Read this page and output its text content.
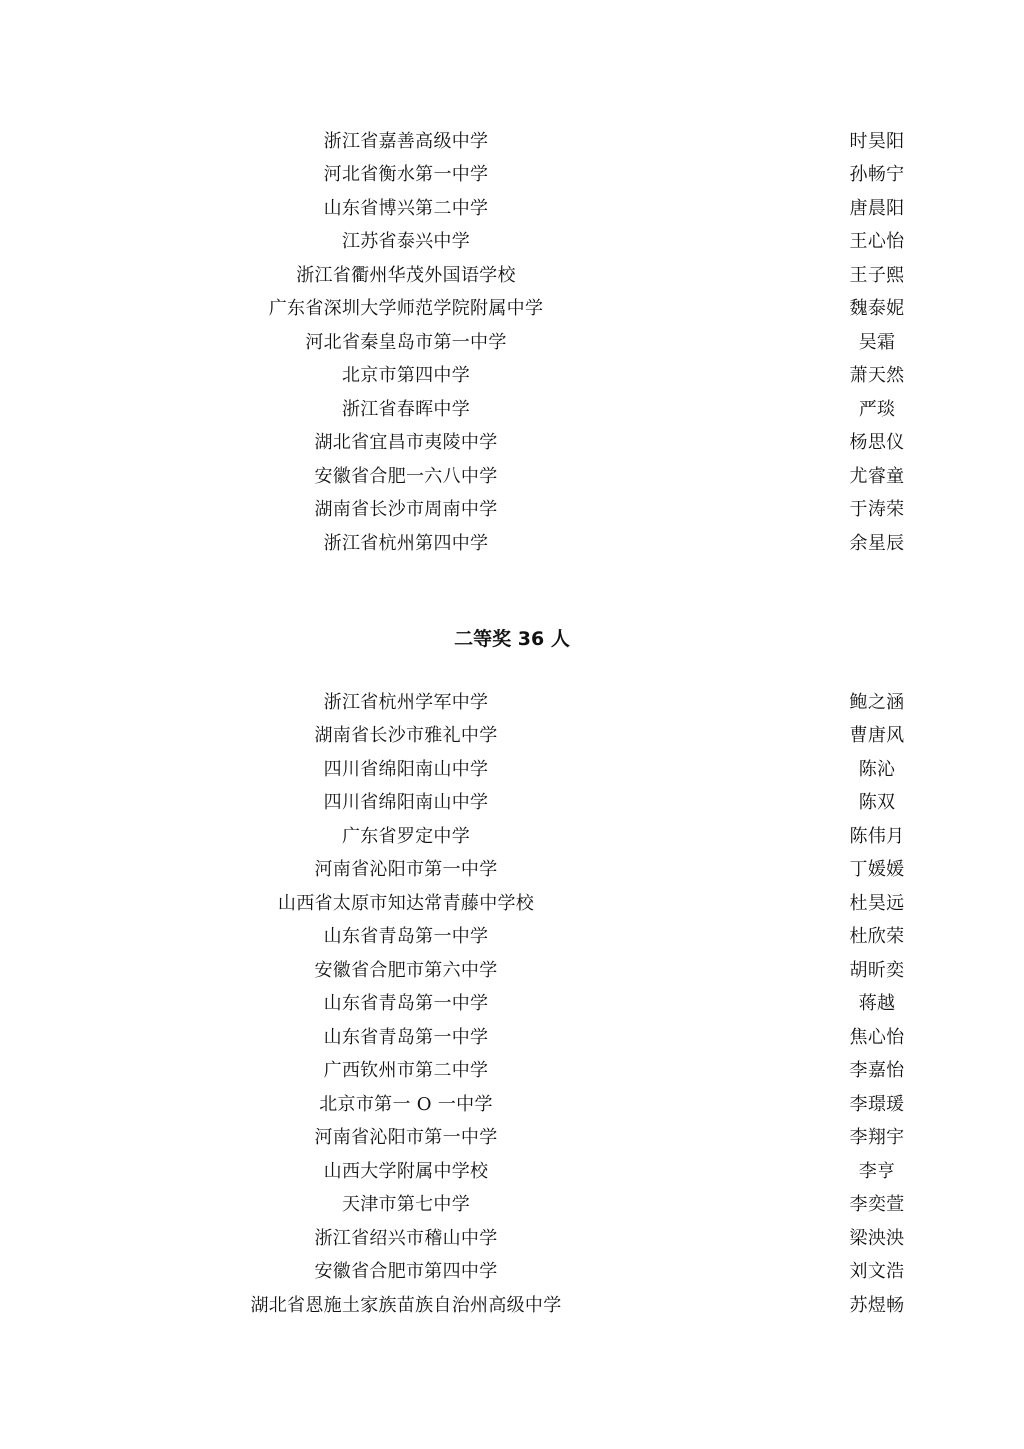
浙江省嘉善高级中学	时昊阳
河北省衡水第一中学	孙畅宁
山东省博兴第二中学	唐晨阳
江苏省泰兴中学	王心怡
浙江省衢州华茂外国语学校	王子熙
广东省深圳大学师范学院附属中学	魏泰妮
河北省秦皇岛市第一中学	吴霜
北京市第四中学	萧天然
浙江省春晖中学	严琰
湖北省宜昌市夷陵中学	杨思仪
安徽省合肥一六八中学	尤睿童
湖南省长沙市周南中学	于涛荣
浙江省杭州第四中学	余星辰
二等奖 36 人
浙江省杭州学军中学	鲍之涵
湖南省长沙市雅礼中学	曹唐风
四川省绵阳南山中学	陈沁
四川省绵阳南山中学	陈双
广东省罗定中学	陈伟月
河南省沁阳市第一中学	丁媛媛
山西省太原市知达常青藤中学校	杜昊远
山东省青岛第一中学	杜欣荣
安徽省合肥市第六中学	胡昕奕
山东省青岛第一中学	蒋越
山东省青岛第一中学	焦心怡
广西钦州市第二中学	李嘉怡
北京市第一 O 一中学	李璟瑗
河南省沁阳市第一中学	李翔宇
山西大学附属中学校	李亨
天津市第七中学	李奕萱
浙江省绍兴市稽山中学	梁泱泱
安徽省合肥市第四中学	刘文浩
湖北省恩施土家族苗族自治州高级中学	苏煜畅
